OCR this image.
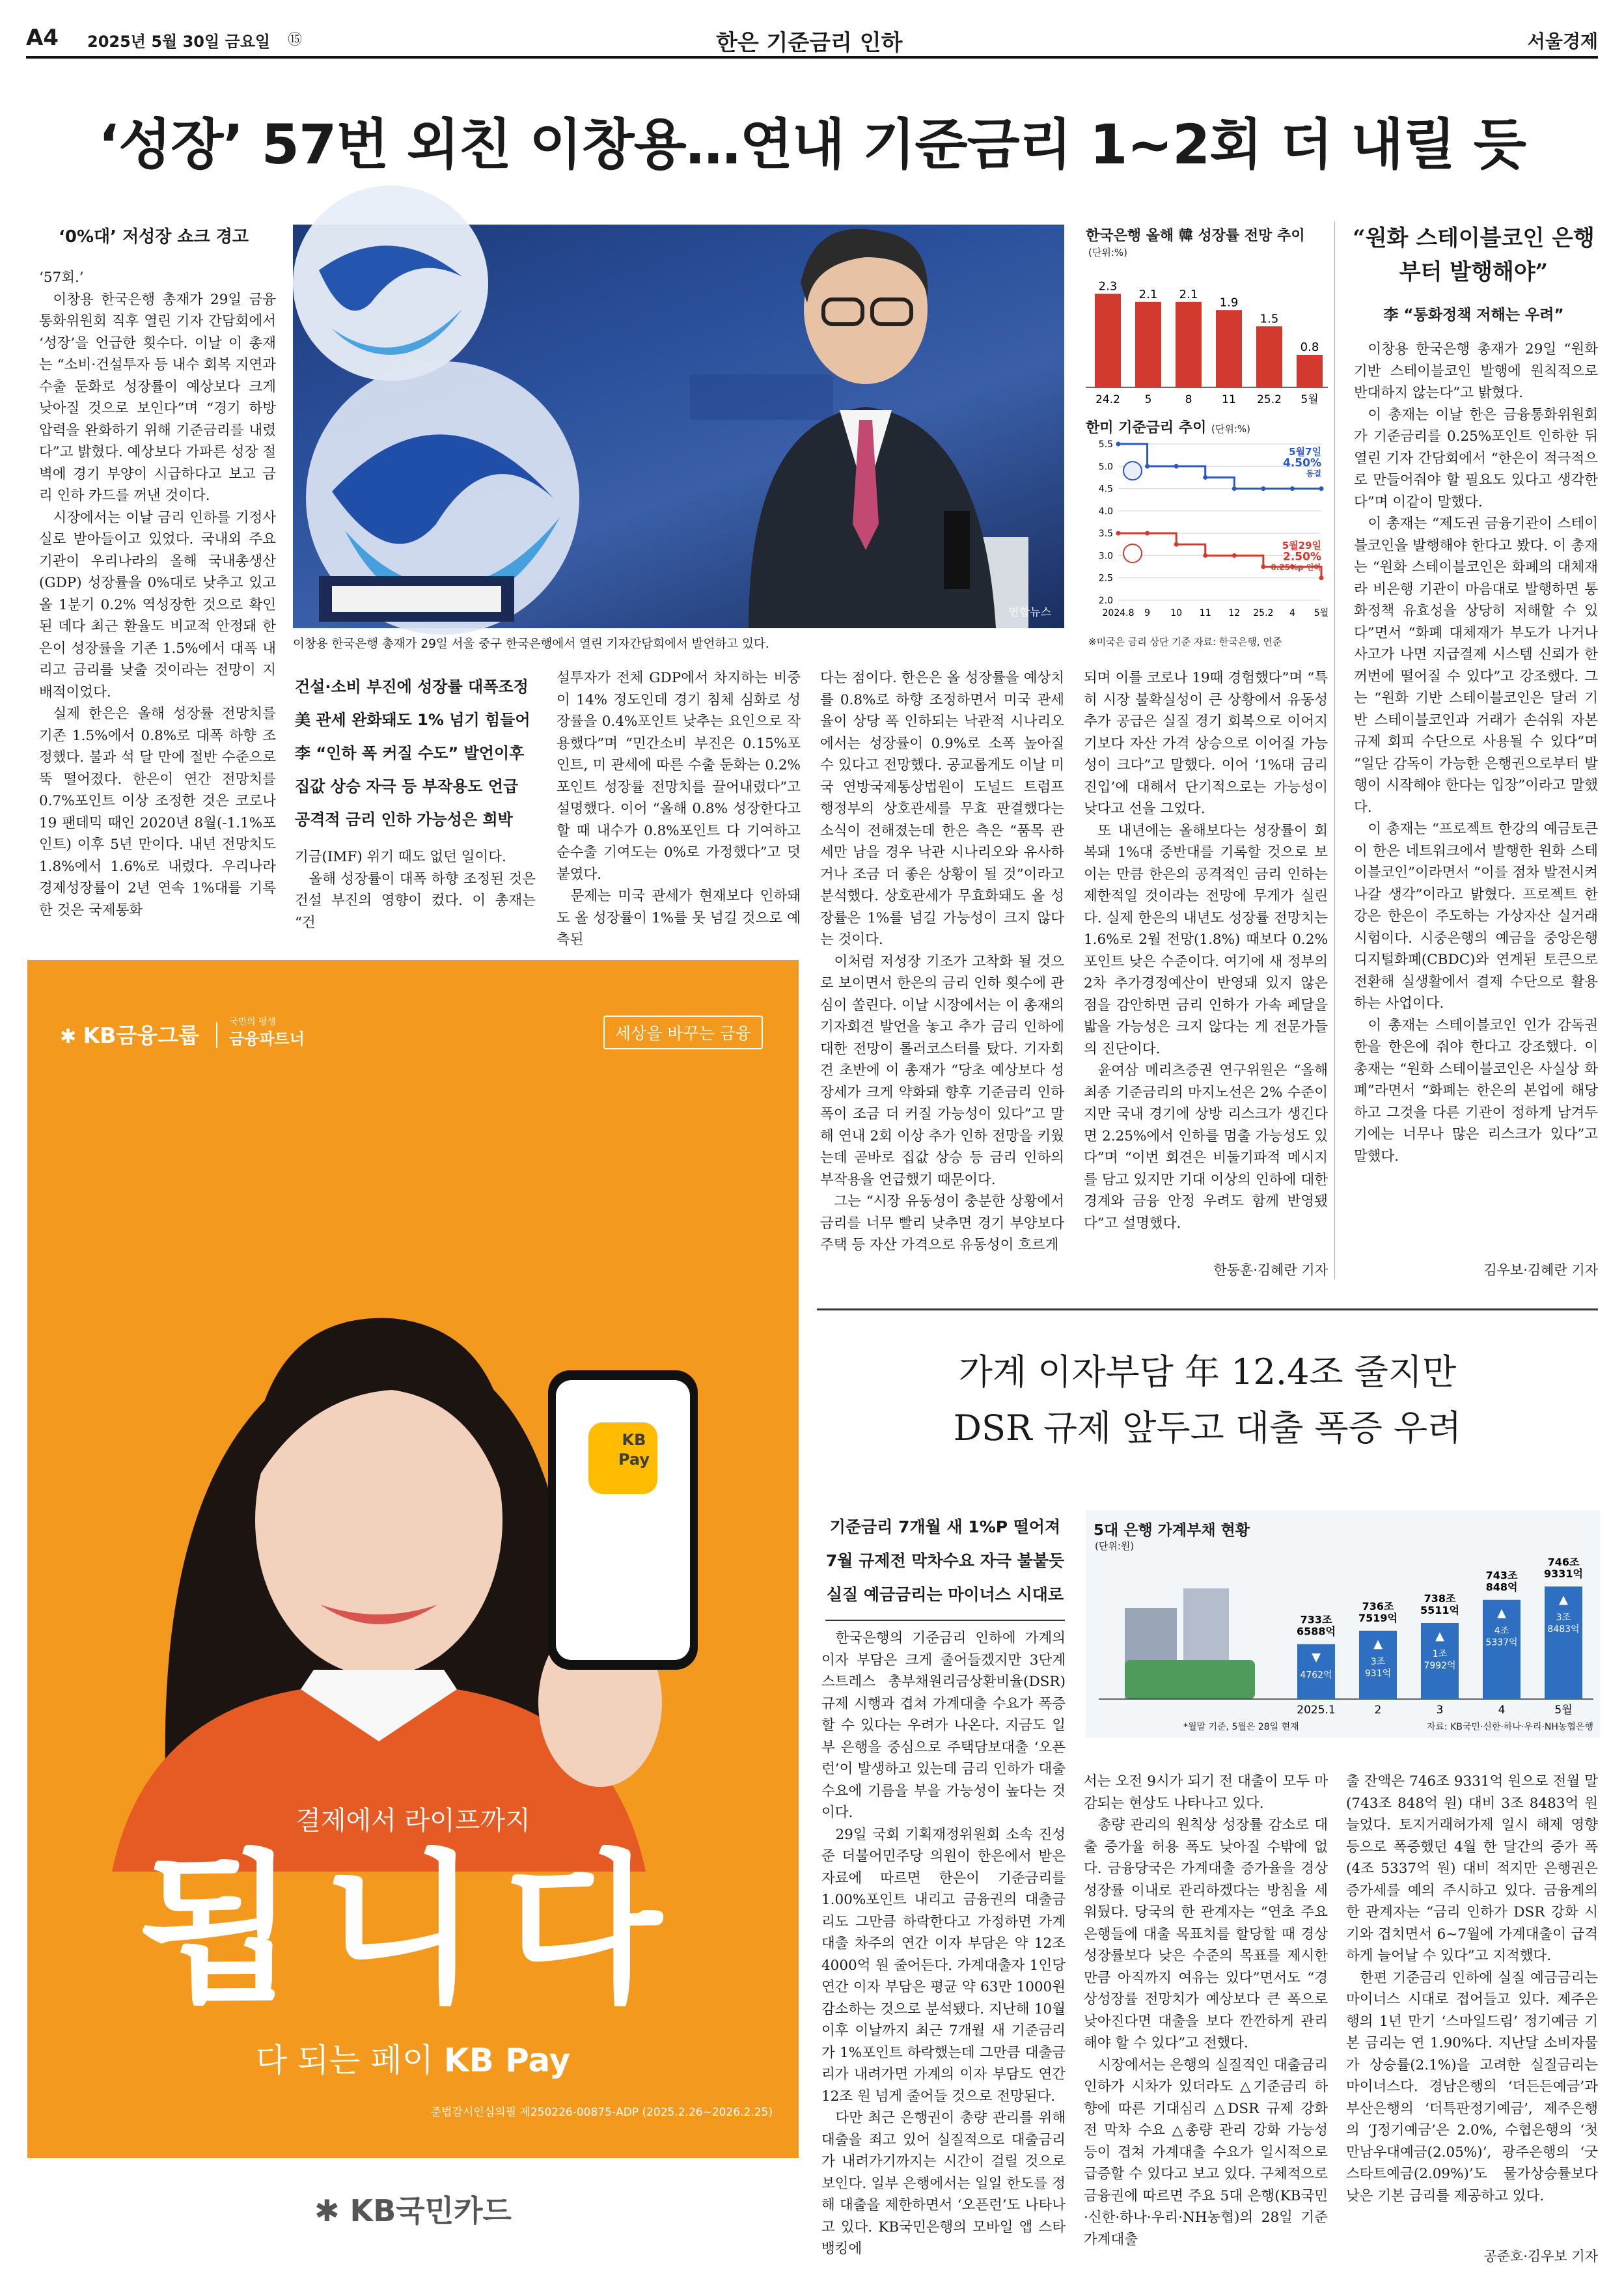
A4 2025년 5월 30일 금요일 ⑮	한은 기준금리 인하	서울경제
‘성장’ 57번 외친 이창용…연내 기준금리 1~2회 더 내릴 듯
‘0%대’ 저성장 쇼크 경고

‘57회.’

이창용 한국은행 총재가 29일 금융통화위원회 직후 열린 기자 간담회에서 ‘성장’을 언급한 횟수다. 이날 이 총재는 “소비·건설투자 등 내수 회복 지연과 수출 둔화로 성장률이 예상보다 크게 낮아질 것으로 보인다”며 “경기 하방 압력을 완화하기 위해 기준금리를 내렸다”고 밝혔다. 예상보다 가파른 성장 절벽에 경기 부양이 시급하다고 보고 금리 인하 카드를 꺼낸 것이다.

시장에서는 이날 금리 인하를 기정사실로 받아들이고 있었다. 국내외 주요 기관이 우리나라의 올해 국내총생산(GDP) 성장률을 0%대로 낮추고 있고 올 1분기 0.2% 역성장한 것으로 확인된 데다 최근 환율도 비교적 안정돼 한은이 성장률을 기존 1.5%에서 대폭 내리고 금리를 낮출 것이라는 전망이 지배적이었다.

실제 한은은 올해 성장률 전망치를 기존 1.5%에서 0.8%로 대폭 하향 조정했다. 불과 석 달 만에 절반 수준으로 뚝 떨어졌다. 한은이 연간 전망치를 0.7%포인트 이상 조정한 것은 코로나19 팬데믹 때인 2020년 8월(-1.1%포인트) 이후 5년 만이다. 내년 전망치도 1.8%에서 1.6%로 내렸다. 우리나라 경제성장률이 2년 연속 1%대를 기록한 것은 국제통화

연합뉴스
이창용 한국은행 총재가 29일 서울 중구 한국은행에서 열린 기자간담회에서 발언하고 있다.
건설·소비 부진에 성장률 대폭조정
美 관세 완화돼도 1% 넘기 힘들어
李 “인하 폭 커질 수도” 발언이후
집값 상승 자극 등 부작용도 언급
공격적 금리 인하 가능성은 희박

기금(IMF) 위기 때도 없던 일이다.

올해 성장률이 대폭 하향 조정된 것은 건설 부진의 영향이 컸다. 이 총재는 “건

설투자가 전체 GDP에서 차지하는 비중이 14% 정도인데 경기 침체 심화로 성장률을 0.4%포인트 낮추는 요인으로 작용했다”며 “민간소비 부진은 0.15%포인트, 미 관세에 따른 수출 둔화는 0.2%포인트 성장률 전망치를 끌어내렸다”고 설명했다. 이어 “올해 0.8% 성장한다고 할 때 내수가 0.8%포인트 다 기여하고 순수출 기여도는 0%로 가정했다”고 덧붙였다.

문제는 미국 관세가 현재보다 인하돼도 올 성장률이 1%를 못 넘길 것으로 예측된

다는 점이다. 한은은 올 성장률을 예상치를 0.8%로 하향 조정하면서 미국 관세율이 상당 폭 인하되는 낙관적 시나리오에서는 성장률이 0.9%로 소폭 높아질 수 있다고 전망했다. 공교롭게도 이날 미국 연방국제통상법원이 도널드 트럼프 행정부의 상호관세를 무효 판결했다는 소식이 전해졌는데 한은 측은 “품목 관세만 남을 경우 낙관 시나리오와 유사하거나 조금 더 좋은 상황이 될 것”이라고 분석했다. 상호관세가 무효화돼도 올 성장률은 1%를 넘길 가능성이 크지 않다는 것이다.

이처럼 저성장 기조가 고착화 될 것으로 보이면서 한은의 금리 인하 횟수에 관심이 쏠린다. 이날 시장에서는 이 총재의 기자회견 발언을 놓고 추가 금리 인하에 대한 전망이 롤러코스터를 탔다. 기자회견 초반에 이 총재가 “당초 예상보다 성장세가 크게 약화돼 향후 기준금리 인하 폭이 조금 더 커질 가능성이 있다”고 말해 연내 2회 이상 추가 인하 전망을 키웠는데 곧바로 집값 상승 등 금리 인하의 부작용을 언급했기 때문이다.

그는 “시장 유동성이 충분한 상황에서 금리를 너무 빨리 낮추면 경기 부양보다 주택 등 자산 가격으로 유동성이 흐르게

되며 이를 코로나 19때 경험했다”며 “특히 시장 불확실성이 큰 상황에서 유동성 추가 공급은 실질 경기 회복으로 이어지기보다 자산 가격 상승으로 이어질 가능성이 크다”고 말했다. 이어 ‘1%대 금리 진입’에 대해서 단기적으로는 가능성이 낮다고 선을 그었다.

또 내년에는 올해보다는 성장률이 회복돼 1%대 중반대를 기록할 것으로 보이는 만큼 한은의 공격적인 금리 인하는 제한적일 것이라는 전망에 무게가 실린다. 실제 한은의 내년도 성장률 전망치는 1.6%로 2월 전망(1.8%) 때보다 0.2%포인트 낮은 수준이다. 여기에 새 정부의 2차 추가경정예산이 반영돼 있지 않은 점을 감안하면 금리 인하가 가속 페달을 밟을 가능성은 크지 않다는 게 전문가들의 진단이다.

윤여삼 메리츠증권 연구위원은 “올해 최종 기준금리의 마지노선은 2% 수준이지만 국내 경기에 상방 리스크가 생긴다면 2.25%에서 인하를 멈출 가능성도 있다”며 “이번 회견은 비둘기파적 메시지를 담고 있지만 기대 이상의 인하에 대한 경계와 금융 안정 우려도 함께 반영됐다”고 설명했다.

한동훈·김혜란 기자
한국은행 올해 韓 성장률 전망 추이
(단위:%)
2.3
24.2
2.1
5
2.1
8
1.9
11
1.5
25.2
0.8
5월
한미 기준금리 추이 (단위:%)
5.5
5.0
4.5
4.0
3.5
3.0
2.5
2.0
2024.8 9 10 11 12 25.2 4 5월
5월7일
4.50%
동결
5월29일
2.50%
0.25%p 인하
※미국은 금리 상단 기준 자료: 한국은행, 연준
“원화 스테이블코인 은행부터 발행해야”
李 “통화정책 저해는 우려”

이창용 한국은행 총재가 29일 “원화 기반 스테이블코인 발행에 원칙적으로 반대하지 않는다”고 밝혔다.

이 총재는 이날 한은 금융통화위원회가 기준금리를 0.25%포인트 인하한 뒤 열린 기자 간담회에서 “한은이 적극적으로 만들어줘야 할 필요도 있다고 생각한다”며 이같이 말했다.

이 총재는 “제도권 금융기관이 스테이블코인을 발행해야 한다고 봤다. 이 총재는 “원화 스테이블코인은 화폐의 대체재라 비은행 기관이 마음대로 발행하면 통화정책 유효성을 상당히 저해할 수 있다”면서 “화폐 대체재가 부도가 나거나 사고가 나면 지급결제 시스템 신뢰가 한꺼번에 떨어질 수 있다”고 강조했다. 그는 “원화 기반 스테이블코인은 달러 기반 스테이블코인과 거래가 손쉬워 자본 규제 회피 수단으로 사용될 수 있다”며 “일단 감독이 가능한 은행권으로부터 발행이 시작해야 한다는 입장”이라고 말했다.

이 총재는 “프로젝트 한강의 예금토큰이 한은 네트워크에서 발행한 원화 스테이블코인”이라면서 “이를 점차 발전시켜나갈 생각”이라고 밝혔다. 프로젝트 한강은 한은이 주도하는 가상자산 실거래 시험이다. 시중은행의 예금을 중앙은행디지털화폐(CBDC)와 연계된 토큰으로 전환해 실생활에서 결제 수단으로 활용하는 사업이다.

이 총재는 스테이블코인 인가 감독권한을 한은에 줘야 한다고 강조했다. 이 총재는 “원화 스테이블코인은 사실상 화폐”라면서 “화폐는 한은의 본업에 해당하고 그것을 다른 기관이 정하게 남겨두기에는 너무나 많은 리스크가 있다”고 말했다.

김우보·김혜란 기자
✱ KB금융그룹
국민의 평생
금융파트너	세상을 바꾸는 금융
KB
Pay
결제에서 라이프까지
됩니다
다 되는 페이 KB Pay
준법감시인심의필 제250226-00875-ADP (2025.2.26~2026.2.25)
✱ KB국민카드
가계 이자부담 年 12.4조 줄지만
DSR 규제 앞두고 대출 폭증 우려
기준금리 7개월 새 1%P 떨어져
7월 규제전 막차수요 자극 불붙듯
실질 예금금리는 마이너스 시대로

한국은행의 기준금리 인하에 가계의 이자 부담은 크게 줄어들겠지만 3단계 스트레스 총부채원리금상환비율(DSR) 규제 시행과 겹쳐 가계대출 수요가 폭증할 수 있다는 우려가 나온다. 지금도 일부 은행을 중심으로 주택담보대출 ‘오픈런’이 발생하고 있는데 금리 인하가 대출 수요에 기름을 부을 가능성이 높다는 것이다.

29일 국회 기획재정위원회 소속 진성준 더불어민주당 의원이 한은에서 받은 자료에 따르면 한은이 기준금리를 1.00%포인트 내리고 금융권의 대출금리도 그만큼 하락한다고 가정하면 가계대출 차주의 연간 이자 부담은 약 12조 4000억 원 줄어든다. 가계대출자 1인당 연간 이자 부담은 평균 약 63만 1000원 감소하는 것으로 분석됐다. 지난해 10월 이후 이날까지 최근 7개월 새 기준금리가 1%포인트 하락했는데 그만큼 대출금리가 내려가면 가계의 이자 부담도 연간 12조 원 넘게 줄어들 것으로 전망된다.

다만 최근 은행권이 총량 관리를 위해 대출을 죄고 있어 실질적으로 대출금리가 내려가기까지는 시간이 걸릴 것으로 보인다. 일부 은행에서는 일일 한도를 정해 대출을 제한하면서 ‘오픈런’도 나타나고 있다. KB국민은행의 모바일 앱 스타뱅킹에

5대 은행 가계부채 현황
(단위:원)
733조
6588억
▼
4762억
2025.1
736조
7519억
▲
3조
931억
2
738조
5511억
▲
1조
7992억
3
743조
848억
▲
4조
5337억
4
746조
9331억
▲
3조
8483억
5월
*월말 기준, 5월은 28일 현재	자료: KB국민·신한·하나·우리·NH농협은행

서는 오전 9시가 되기 전 대출이 모두 마감되는 현상도 나타나고 있다.

총량 관리의 원칙상 성장률 감소로 대출 증가율 허용 폭도 낮아질 수밖에 없다. 금융당국은 가계대출 증가율을 경상성장률 이내로 관리하겠다는 방침을 세워뒀다. 당국의 한 관계자는 “연초 주요 은행들에 대출 목표치를 할당할 때 경상성장률보다 낮은 수준의 목표를 제시한 만큼 아직까지 여유는 있다”면서도 “경상성장률 전망치가 예상보다 큰 폭으로 낮아진다면 대출을 보다 깐깐하게 관리해야 할 수 있다”고 전했다.

시장에서는 은행의 실질적인 대출금리 인하가 시차가 있더라도 △기준금리 하향에 따른 기대심리 △DSR 규제 강화 전 막차 수요 △총량 관리 강화 가능성 등이 겹쳐 가계대출 수요가 일시적으로 급증할 수 있다고 보고 있다. 구체적으로 금융권에 따르면 주요 5대 은행(KB국민·신한·하나·우리·NH농협)의 28일 기준 가계대출

출 잔액은 746조 9331억 원으로 전월 말(743조 848억 원) 대비 3조 8483억 원 늘었다. 토지거래허가제 일시 해제 영향 등으로 폭증했던 4월 한 달간의 증가 폭(4조 5337억 원) 대비 적지만 은행권은 증가세를 예의 주시하고 있다. 금융계의 한 관계자는 “금리 인하가 DSR 강화 시기와 겹치면서 6~7월에 가계대출이 급격하게 늘어날 수 있다”고 지적했다.

한편 기준금리 인하에 실질 예금금리는 마이너스 시대로 접어들고 있다. 제주은행의 1년 만기 ‘스마일드림’ 정기예금 기본 금리는 연 1.90%다. 지난달 소비자물가 상승률(2.1%)을 고려한 실질금리는 마이너스다. 경남은행의 ‘더든든예금’과 부산은행의 ‘더특판정기예금’, 제주은행의 ‘J정기예금’은 2.0%, 수협은행의 ‘첫만남우대예금(2.05%)’, 광주은행의 ‘굿스타트예금(2.09%)’도 물가상승률보다 낮은 기본 금리를 제공하고 있다.

공준호·김우보 기자
